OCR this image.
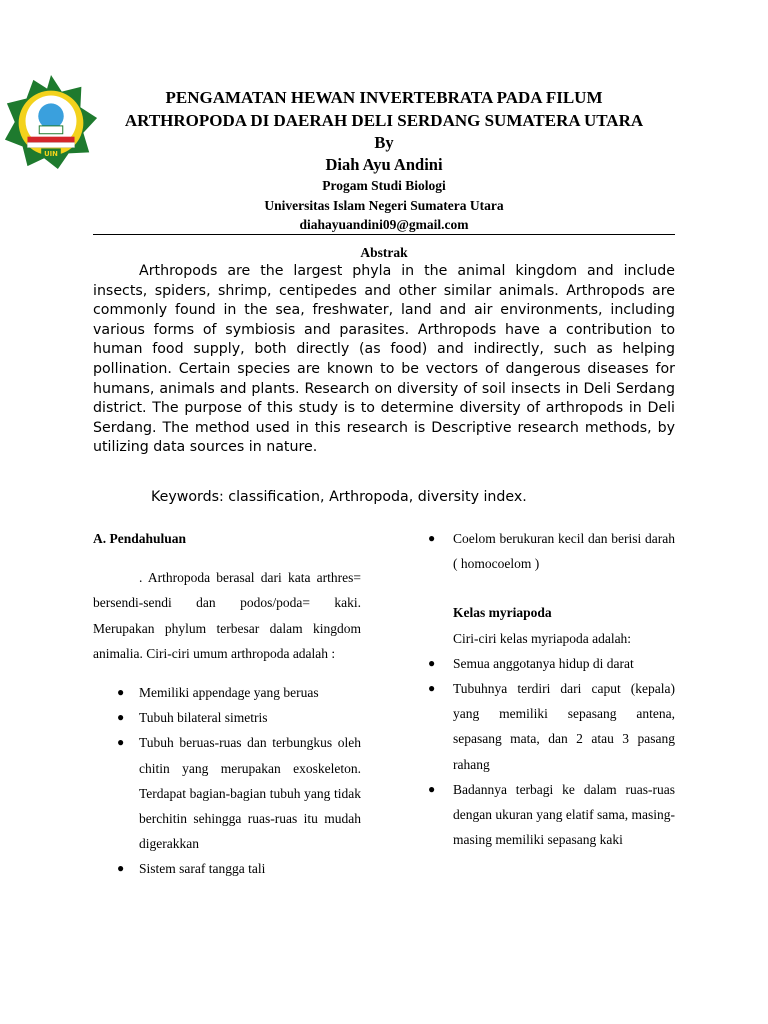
UIN
PENGAMATAN HEWAN INVERTEBRATA PADA FILUM
ARTHROPODA DI DAERAH DELI SERDANG SUMATERA UTARA
By
Diah Ayu Andini
Progam Studi Biologi
Universitas Islam Negeri Sumatera Utara
diahayuandini09@gmail.com
Abstrak

Arthropods are the largest phyla in the animal kingdom and include insects, spiders, shrimp, centipedes and other similar animals. Arthropods are commonly found in the sea, freshwater, land and air environments, including various forms of symbiosis and parasites. Arthropods have a contribution to human food supply, both directly (as food) and indirectly, such as helping pollination. Certain species are known to be vectors of dangerous diseases for humans, animals and plants. Research on diversity of soil insects in Deli Serdang district. The purpose of this study is to determine diversity of arthropods in Deli Serdang. The method used in this research is Descriptive research methods, by utilizing data sources in nature.

Keywords: classification, Arthropoda, diversity index.

A. Pendahuluan

. Arthropoda berasal dari kata arthres= bersendi-sendi dan podos/poda= kaki. Merupakan phylum terbesar dalam kingdom animalia. Ciri-ciri umum arthropoda adalah :

● Memiliki appendage yang beruas
● Tubuh bilateral simetris
● Tubuh beruas-ruas dan terbungkus oleh chitin yang merupakan exoskeleton. Terdapat bagian-bagian tubuh yang tidak berchitin sehingga ruas-ruas itu mudah digerakkan
● Sistem saraf tangga tali
● Coelom berukuran kecil dan berisi darah ( homocoelom )

Kelas myriapoda

Ciri-ciri kelas myriapoda adalah:

● Semua anggotanya hidup di darat
● Tubuhnya terdiri dari caput (kepala) yang memiliki sepasang antena, sepasang mata, dan 2 atau 3 pasang rahang
● Badannya terbagi ke dalam ruas-ruas dengan ukuran yang elatif sama, masing-masing memiliki sepasang kaki
